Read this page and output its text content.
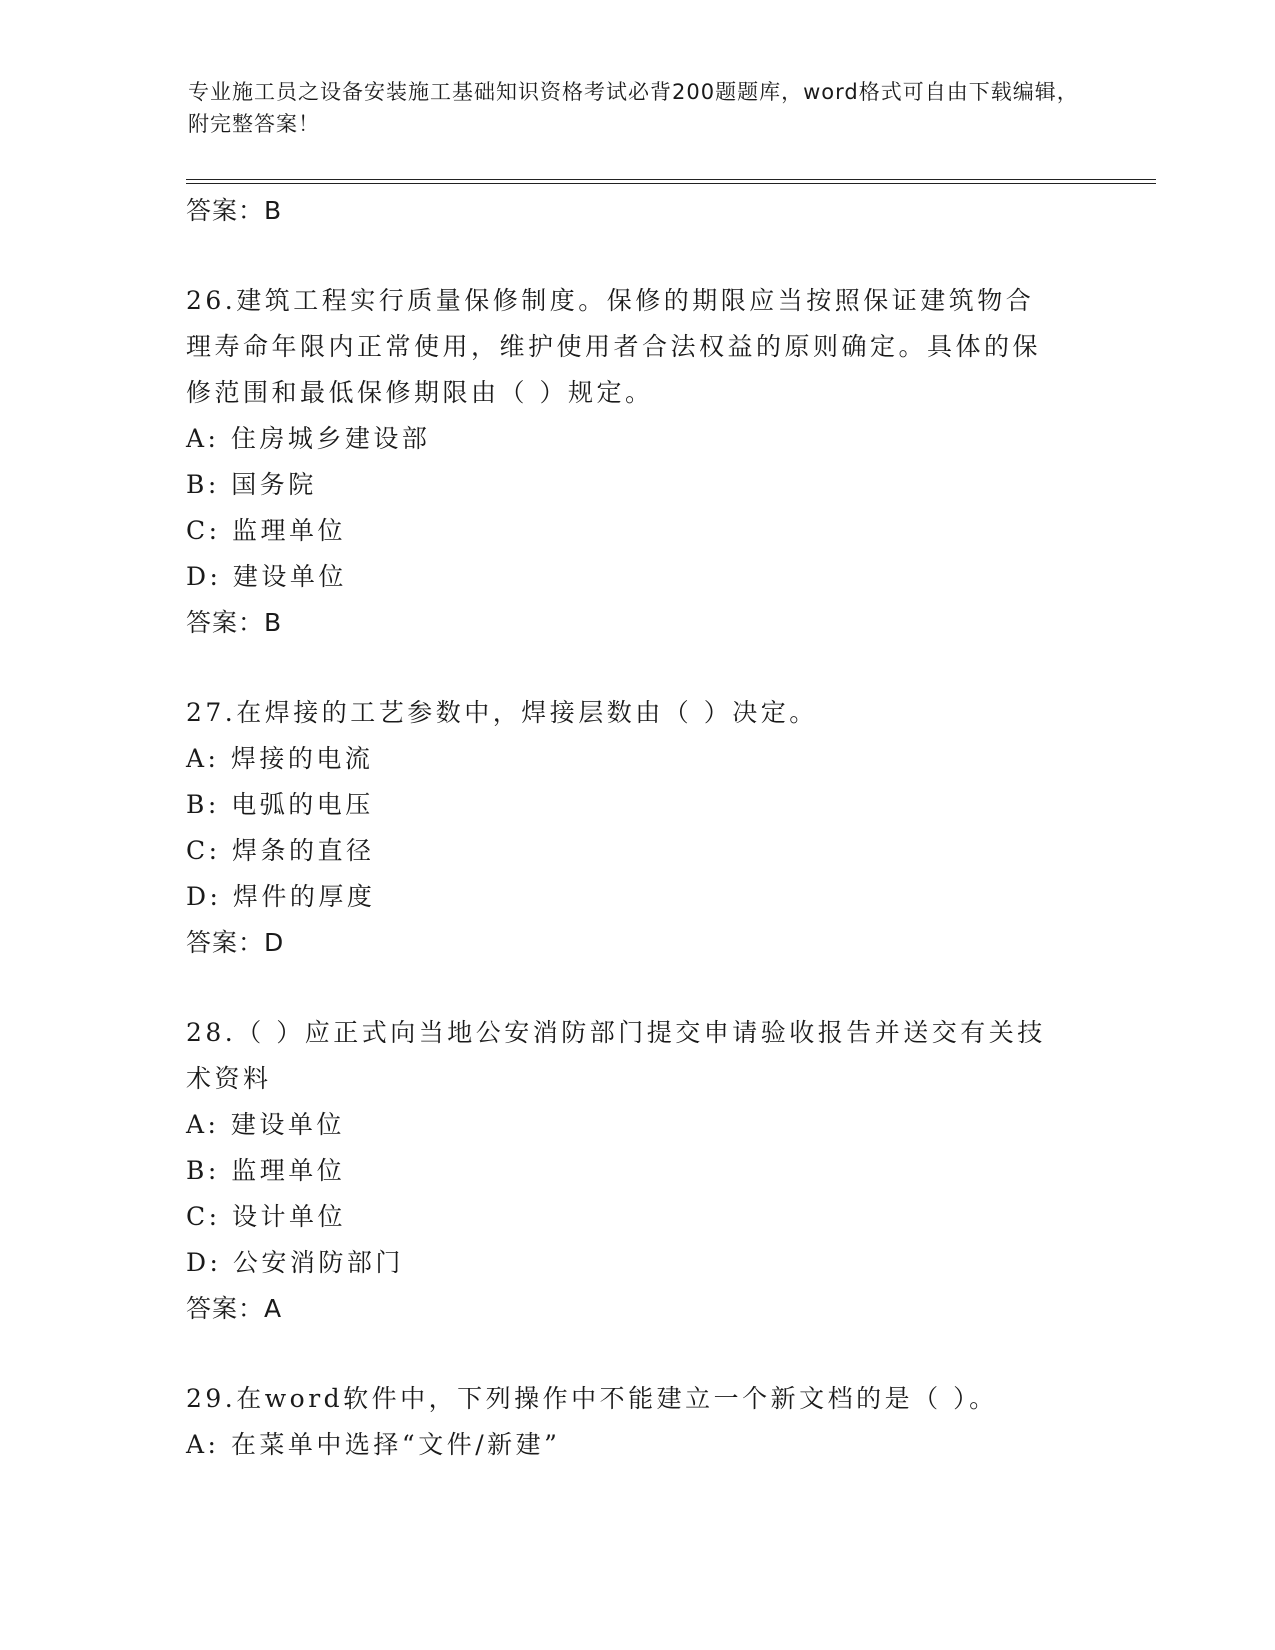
专业施工员之设备安装施工基础知识资格考试必背200题题库，word格式可自由下载编辑，附完整答案！
答案：B
26.建筑工程实行质量保修制度。保修的期限应当按照保证建筑物合理寿命年限内正常使用，维护使用者合法权益的原则确定。具体的保修范围和最低保修期限由（ ）规定。
A: 住房城乡建设部
B: 国务院
C: 监理单位
D: 建设单位
答案：B
27.在焊接的工艺参数中，焊接层数由（ ）决定。
A: 焊接的电流
B: 电弧的电压
C: 焊条的直径
D: 焊件的厚度
答案：D
28.（ ）应正式向当地公安消防部门提交申请验收报告并送交有关技术资料
A: 建设单位
B: 监理单位
C: 设计单位
D: 公安消防部门
答案：A
29.在word软件中，下列操作中不能建立一个新文档的是（ ）。
A: 在菜单中选择“文件/新建”
